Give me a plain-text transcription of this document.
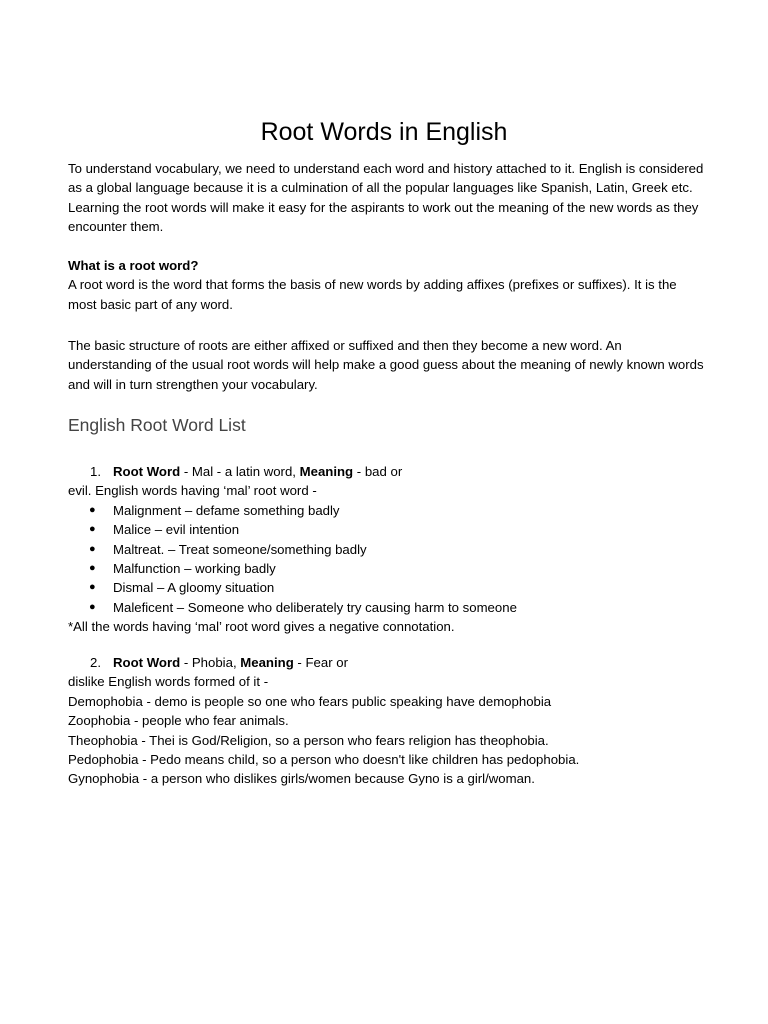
Root Words in English

To understand vocabulary, we need to understand each word and history attached to it. English is considered as a global language because it is a culmination of all the popular languages like Spanish, Latin, Greek etc. Learning the root words will make it easy for the aspirants to work out the meaning of the new words as they encounter them.

What is a root word?

A root word is the word that forms the basis of new words by adding affixes (prefixes or suffixes). It is the most basic part of any word.

The basic structure of roots are either affixed or suffixed and then they become a new word. An understanding of the usual root words will help make a good guess about the meaning of newly known words and will in turn strengthen your vocabulary.

English Root Word List
1. Root Word - Mal - a latin word, Meaning - bad or
evil. English words having ‘mal’ root word -
● Malignment – defame something badly
● Malice – evil intention
● Maltreat. – Treat someone/something badly
● Malfunction – working badly
● Dismal – A gloomy situation
● Maleficent – Someone who deliberately try causing harm to someone
*All the words having ‘mal’ root word gives a negative connotation.
2. Root Word - Phobia, Meaning - Fear or
dislike English words formed of it -
Demophobia - demo is people so one who fears public speaking have demophobia
Zoophobia - people who fear animals.
Theophobia - Thei is God/Religion, so a person who fears religion has theophobia.
Pedophobia - Pedo means child, so a person who doesn't like children has pedophobia.
Gynophobia - a person who dislikes girls/women because Gyno is a girl/woman.
